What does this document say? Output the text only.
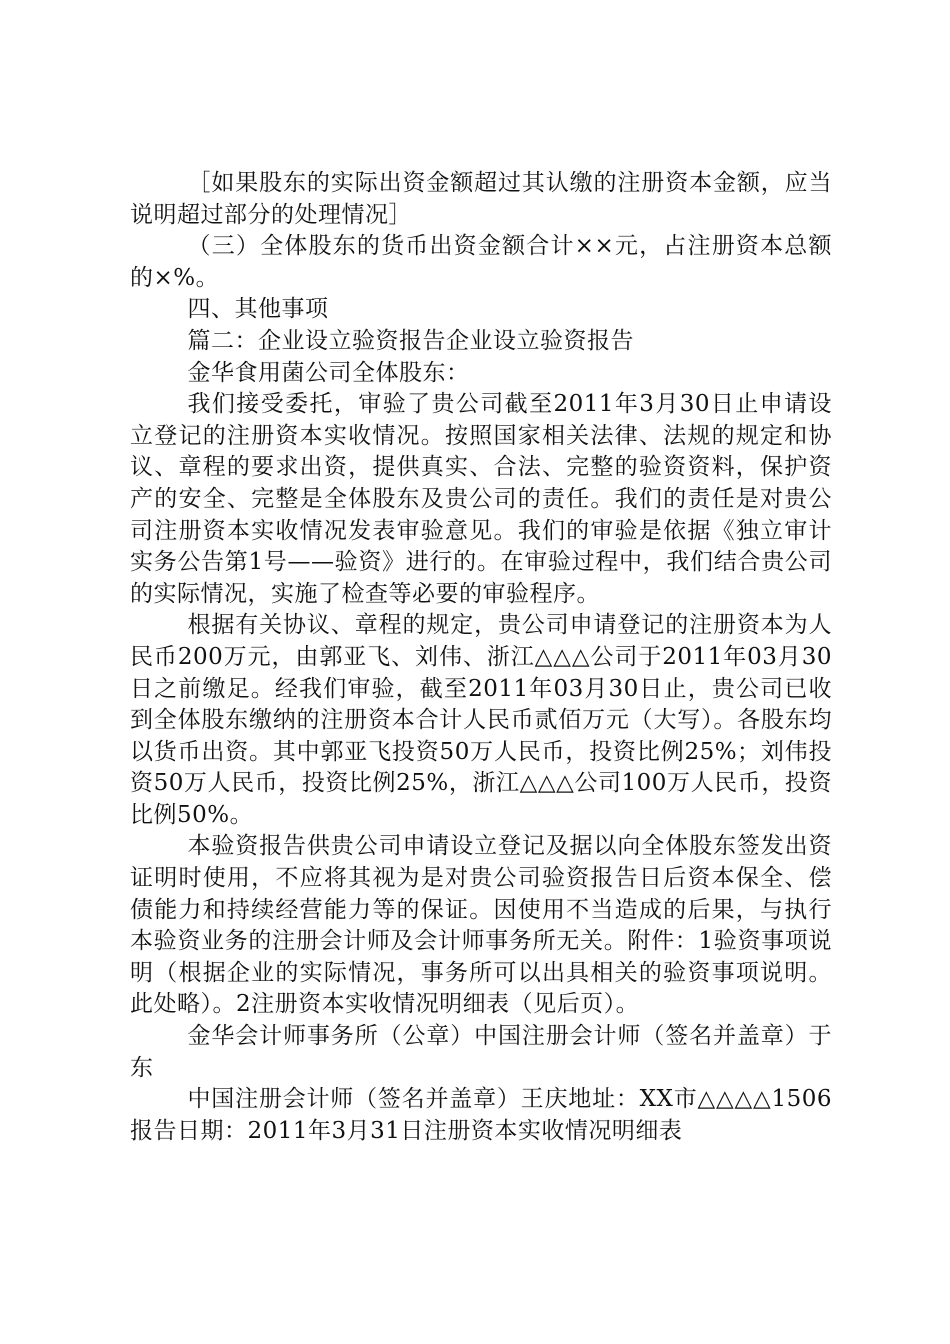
［如果股东的实际出资金额超过其认缴的注册资本金额，应当说明超过部分的处理情况］

（三）全体股东的货币出资金额合计××元，占注册资本总额的×%。

四、其他事项

篇二：企业设立验资报告企业设立验资报告

金华食用菌公司全体股东：

我们接受委托，审验了贵公司截至2011年3月30日止申请设立登记的注册资本实收情况。按照国家相关法律、法规的规定和协议、章程的要求出资，提供真实、合法、完整的验资资料，保护资产的安全、完整是全体股东及贵公司的责任。我们的责任是对贵公司注册资本实收情况发表审验意见。我们的审验是依据《独立审计实务公告第1号——验资》进行的。在审验过程中，我们结合贵公司的实际情况，实施了检查等必要的审验程序。

根据有关协议、章程的规定，贵公司申请登记的注册资本为人民币200万元，由郭亚飞、刘伟、浙江△△△公司于2011年03月30日之前缴足。经我们审验，截至2011年03月30日止，贵公司已收到全体股东缴纳的注册资本合计人民币贰佰万元（大写）。各股东均以货币出资。其中郭亚飞投资50万人民币，投资比例25%；刘伟投资50万人民币，投资比例25%，浙江△△△公司100万人民币，投资比例50%。

本验资报告供贵公司申请设立登记及据以向全体股东签发出资证明时使用，不应将其视为是对贵公司验资报告日后资本保全、偿债能力和持续经营能力等的保证。因使用不当造成的后果，与执行本验资业务的注册会计师及会计师事务所无关。附件：1验资事项说明（根据企业的实际情况，事务所可以出具相关的验资事项说明。此处略）。2注册资本实收情况明细表（见后页）。

金华会计师事务所（公章）中国注册会计师（签名并盖章）于东

中国注册会计师（签名并盖章）王庆地址：XX市△△△△1506报告日期：2011年3月31日注册资本实收情况明细表
